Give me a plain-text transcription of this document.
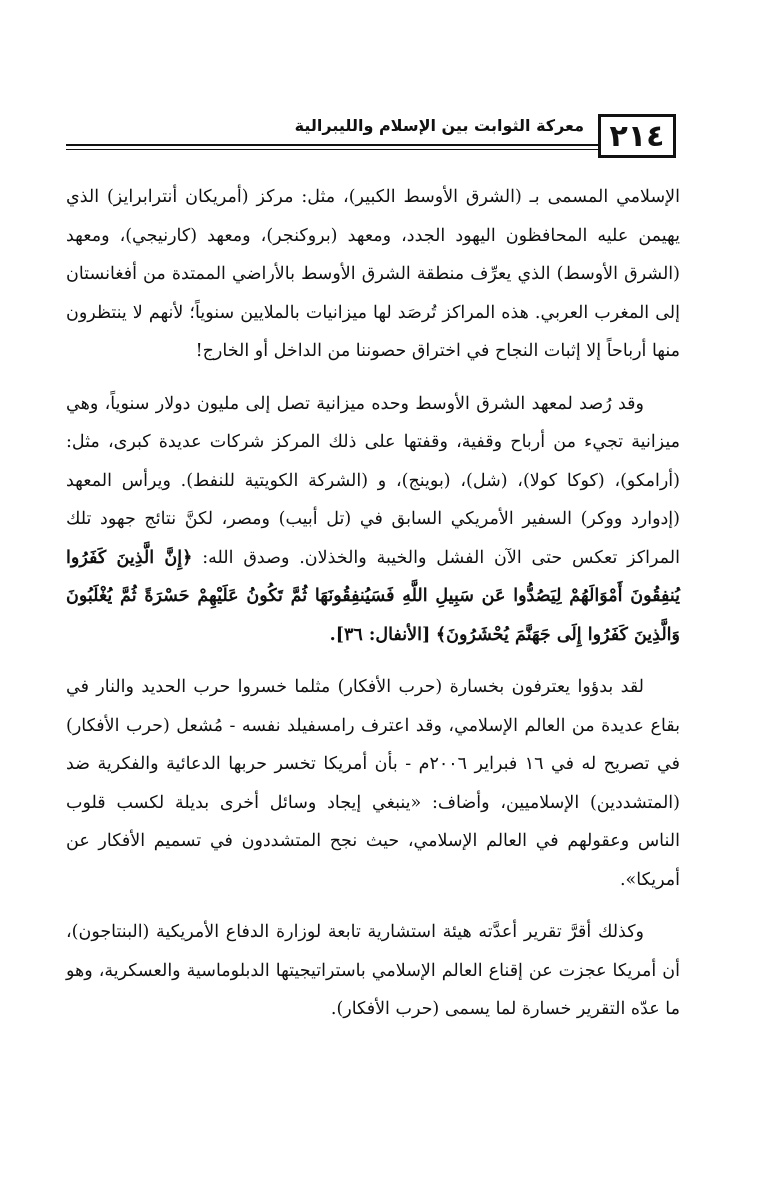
٢١٤
معركة الثوابت بين الإسلام والليبرالية

الإسلامي المسمى بـ (الشرق الأوسط الكبير)، مثل: مركز (أمريكان أنترابرايز) الذي يهيمن عليه المحافظون اليهود الجدد، ومعهد (بروكنجر)، ومعهد (كارنيجي)، ومعهد (الشرق الأوسط) الذي يعرِّف منطقة الشرق الأوسط بالأراضي الممتدة من أفغانستان إلى المغرب العربي. هذه المراكز تُرصَد لها ميزانيات بالملايين سنوياً؛ لأنهم لا ينتظرون منها أرباحاً إلا إثبات النجاح في اختراق حصوننا من الداخل أو الخارج!

وقد رُصد لمعهد الشرق الأوسط وحده ميزانية تصل إلى مليون دولار سنوياً، وهي ميزانية تجيء من أرباح وقفية، وقفتها على ذلك المركز شركات عديدة كبرى، مثل: (أرامكو)، (كوكا كولا)، (شل)، (بوينج)، و (الشركة الكويتية للنفط). ويرأس المعهد (إدوارد ووكر) السفير الأمريكي السابق في (تل أبيب) ومصر، لكنَّ نتائج جهود تلك المراكز تعكس حتى الآن الفشل والخيبة والخذلان. وصدق الله: ﴿إِنَّ الَّذِينَ كَفَرُوا يُنفِقُونَ أَمْوَالَهُمْ لِيَصُدُّوا عَن سَبِيلِ اللَّهِ فَسَيُنفِقُونَهَا ثُمَّ تَكُونُ عَلَيْهِمْ حَسْرَةً ثُمَّ يُغْلَبُونَ وَالَّذِينَ كَفَرُوا إِلَى جَهَنَّمَ يُحْشَرُونَ﴾ [الأنفال: ٣٦].

لقد بدؤوا يعترفون بخسارة (حرب الأفكار) مثلما خسروا حرب الحديد والنار في بقاع عديدة من العالم الإسلامي، وقد اعترف رامسفيلد نفسه - مُشعل (حرب الأفكار) في تصريح له في ١٦ فبراير ٢٠٠٦م - بأن أمريكا تخسر حربها الدعائية والفكرية ضد (المتشددين) الإسلاميين، وأضاف: «ينبغي إيجاد وسائل أخرى بديلة لكسب قلوب الناس وعقولهم في العالم الإسلامي، حيث نجح المتشددون في تسميم الأفكار عن أمريكا».

وكذلك أقرَّ تقرير أعدَّته هيئة استشارية تابعة لوزارة الدفاع الأمريكية (البنتاجون)، أن أمريكا عجزت عن إقناع العالم الإسلامي باستراتيجيتها الدبلوماسية والعسكرية، وهو ما عدّه التقرير خسارة لما يسمى (حرب الأفكار).
